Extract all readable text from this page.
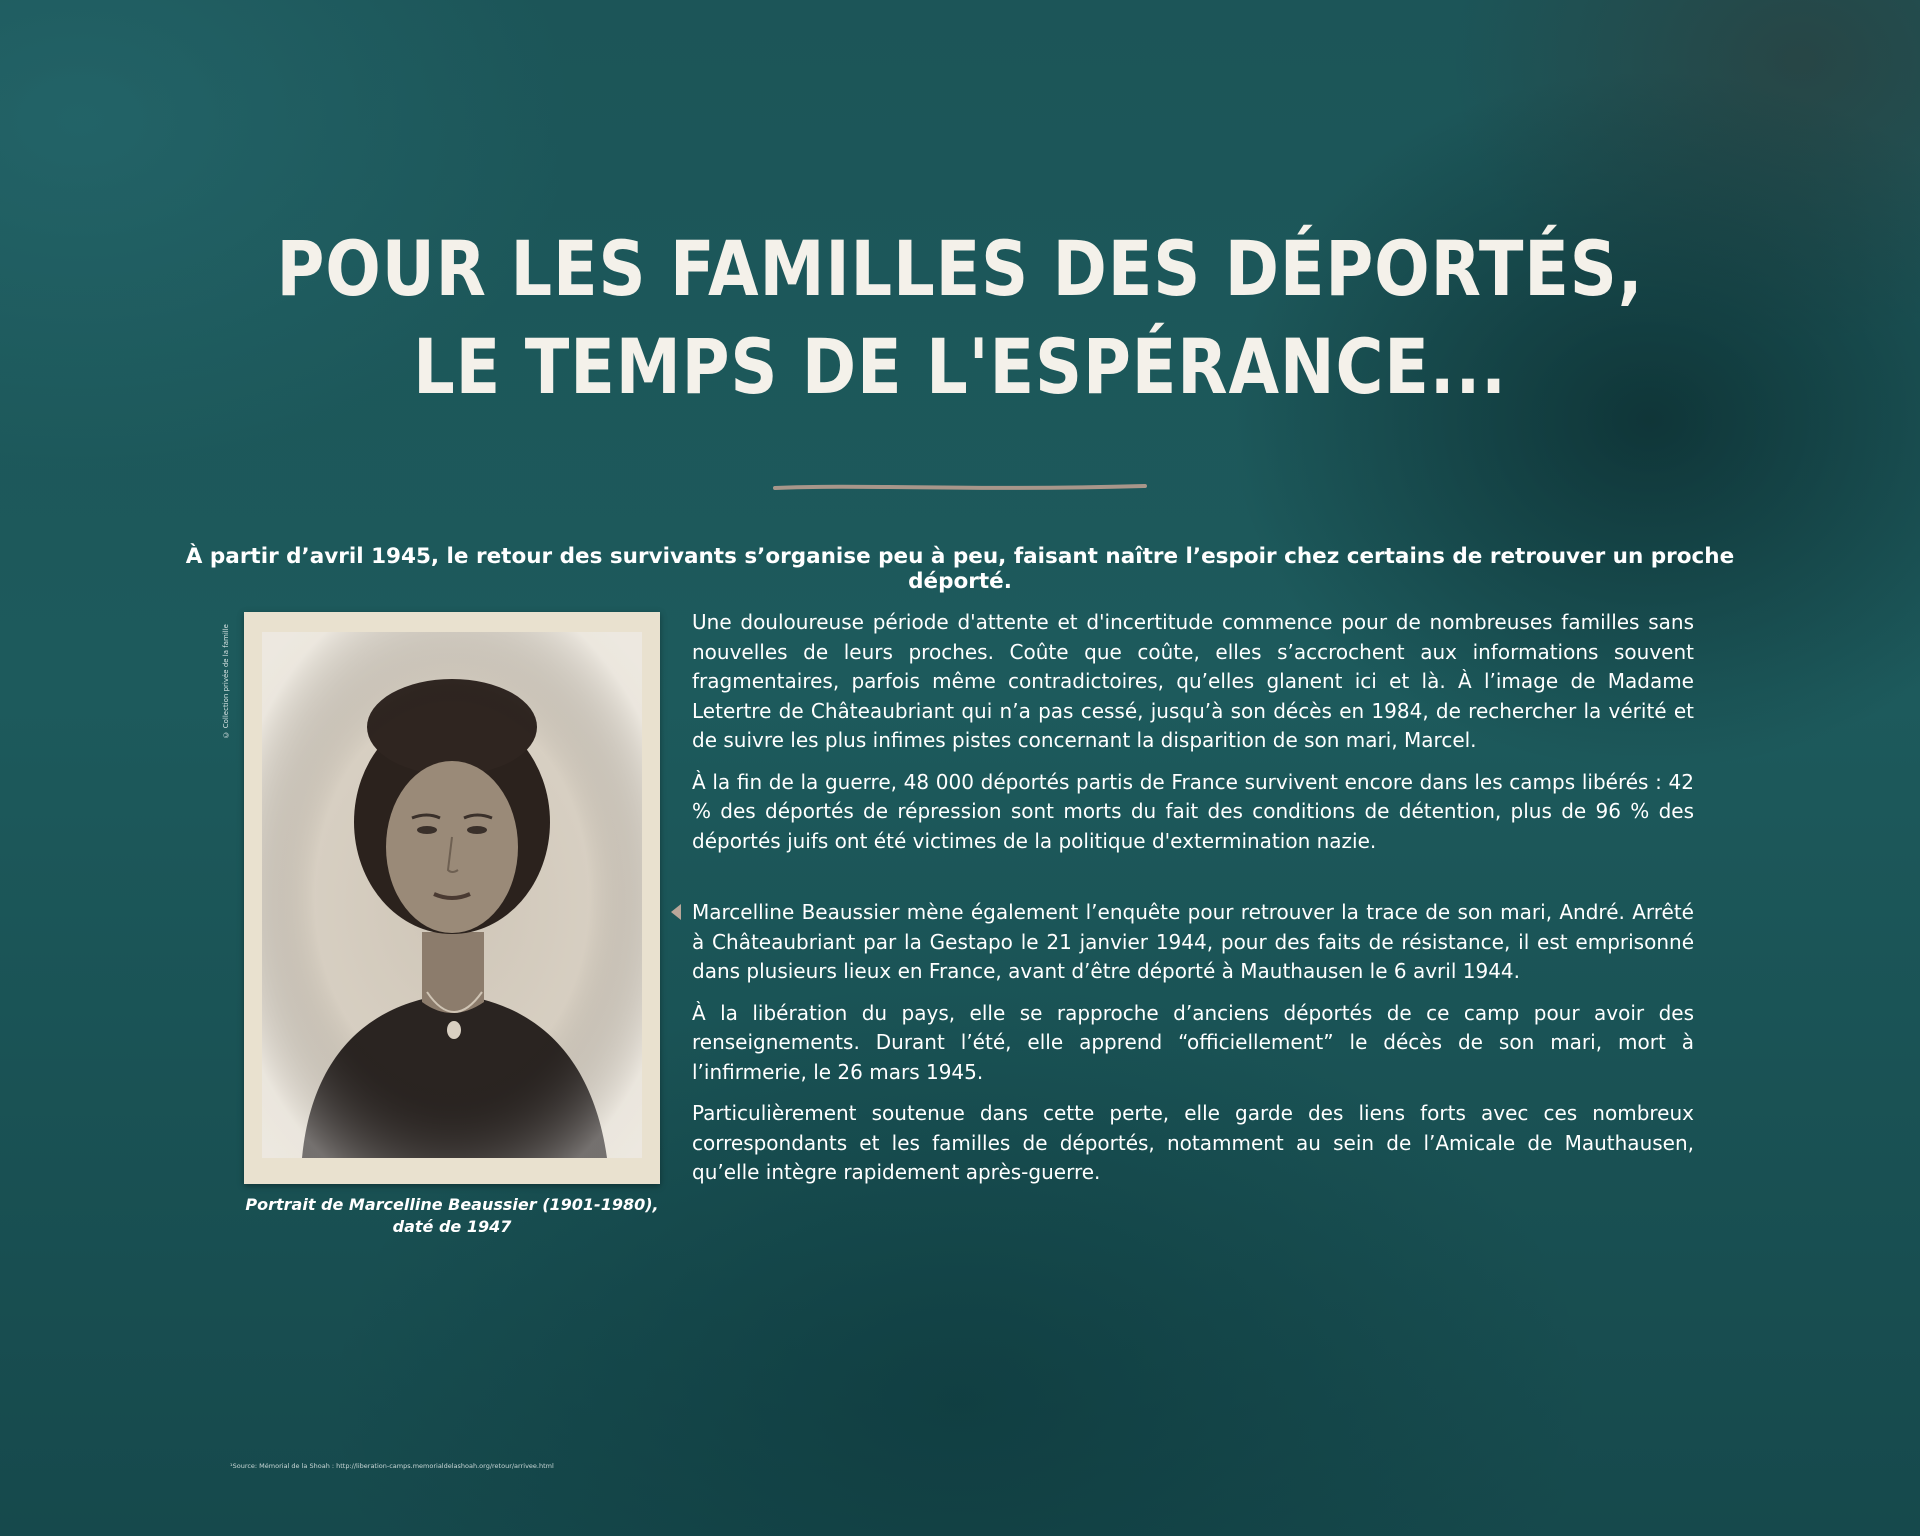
POUR LES FAMILLES DES DÉPORTÉS,
LE TEMPS DE L'ESPÉRANCE...

À partir d’avril 1945, le retour des survivants s’organise peu à peu, faisant naître l’espoir chez certains de retrouver un proche déporté.

© Collection privée de la famille

Portrait de Marcelline Beaussier (1901-1980),
daté de 1947

Une douloureuse période d'attente et d'incertitude commence pour de nombreuses familles sans nouvelles de leurs proches. Coûte que coûte, elles s’accrochent aux informations souvent fragmentaires, parfois même contradictoires, qu’elles glanent ici et là. À l’image de Madame Letertre de Châteaubriant qui n’a pas cessé, jusqu’à son décès en 1984, de rechercher la vérité et de suivre les plus infimes pistes concernant la disparition de son mari, Marcel.

À la fin de la guerre, 48 000 déportés partis de France survivent encore dans les camps libérés : 42 % des déportés de répression sont morts du fait des conditions de détention, plus de 96 % des déportés juifs ont été victimes de la politique d'extermination nazie.

Marcelline Beaussier mène également l’enquête pour retrouver la trace de son mari, André. Arrêté à Châteaubriant par la Gestapo le 21 janvier 1944, pour des faits de résistance, il est emprisonné dans plusieurs lieux en France, avant d’être déporté à Mauthausen le 6 avril 1944.

À la libération du pays, elle se rapproche d’anciens déportés de ce camp pour avoir des renseignements. Durant l’été, elle apprend “officiellement” le décès de son mari, mort à l’infirmerie, le 26 mars 1945.

Particulièrement soutenue dans cette perte, elle garde des liens forts avec ces nombreux correspondants et les familles de déportés, notamment au sein de l’Amicale de Mauthausen, qu’elle intègre rapidement après-guerre.

¹Source: Mémorial de la Shoah : http://liberation-camps.memorialdelashoah.org/retour/arrivee.html
